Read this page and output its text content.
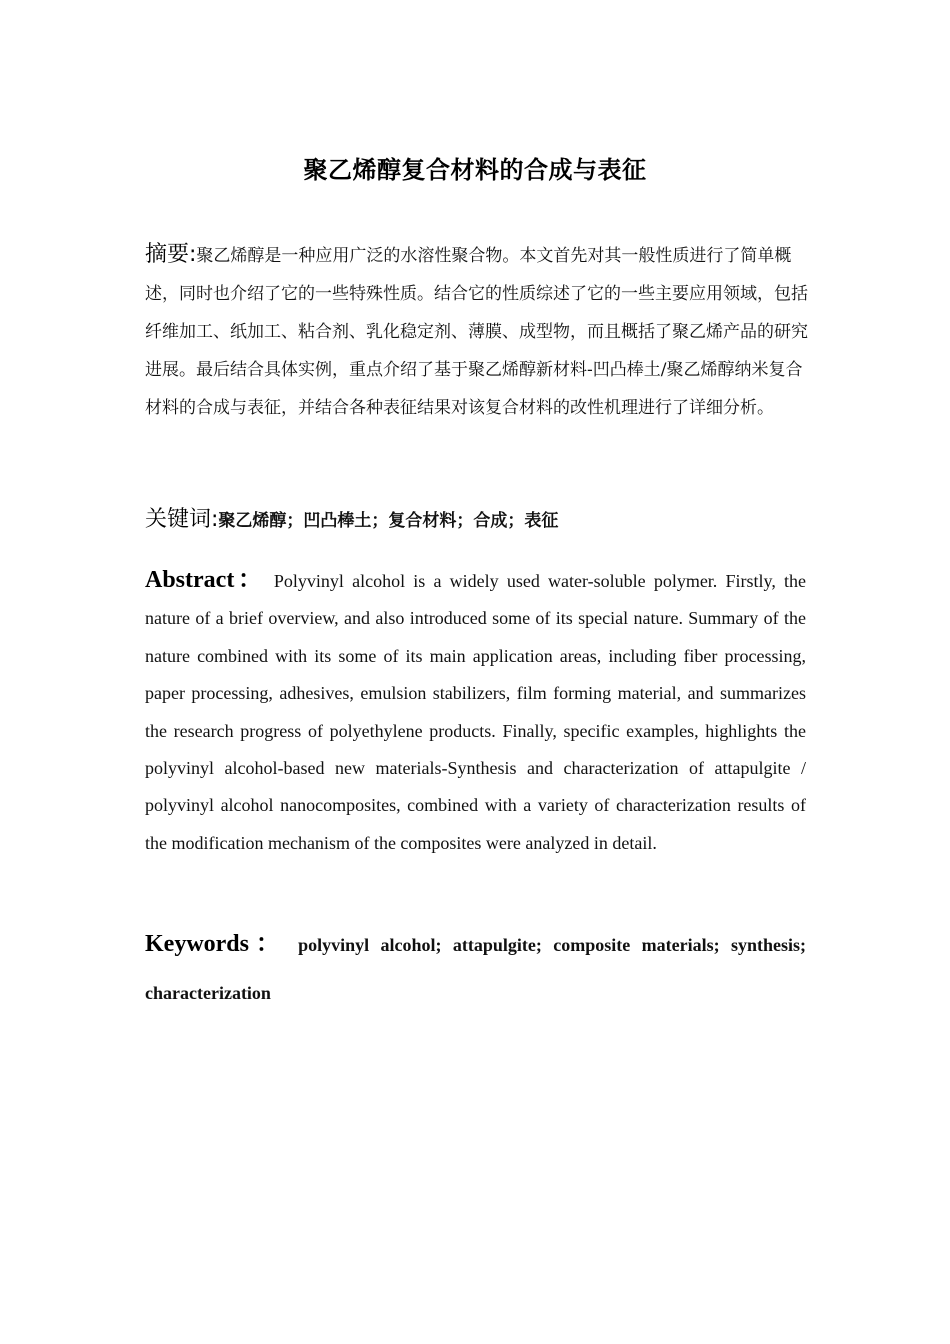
聚乙烯醇复合材料的合成与表征
摘要:聚乙烯醇是一种应用广泛的水溶性聚合物。本文首先对其一般性质进行了简单概述，同时也介绍了它的一些特殊性质。结合它的性质综述了它的一些主要应用领域，包括纤维加工、纸加工、粘合剂、乳化稳定剂、薄膜、成型物，而且概括了聚乙烯产品的研究进展。最后结合具体实例，重点介绍了基于聚乙烯醇新材料-凹凸棒土/聚乙烯醇纳米复合材料的合成与表征，并结合各种表征结果对该复合材料的改性机理进行了详细分析。
关键词:聚乙烯醇；凹凸棒土；复合材料；合成；表征
Abstract： Polyvinyl alcohol is a widely used water-soluble polymer. Firstly, the nature of a brief overview, and also introduced some of its special nature. Summary of the nature combined with its some of its main application areas, including fiber processing, paper processing, adhesives, emulsion stabilizers, film forming material, and summarizes the research progress of polyethylene products. Finally, specific examples, highlights the polyvinyl alcohol-based new materials-Synthesis and characterization of attapulgite / polyvinyl alcohol nanocomposites, combined with a variety of characterization results of the modification mechanism of the composites were analyzed in detail.
Keywords： polyvinyl alcohol; attapulgite; composite materials; synthesis; characterization
